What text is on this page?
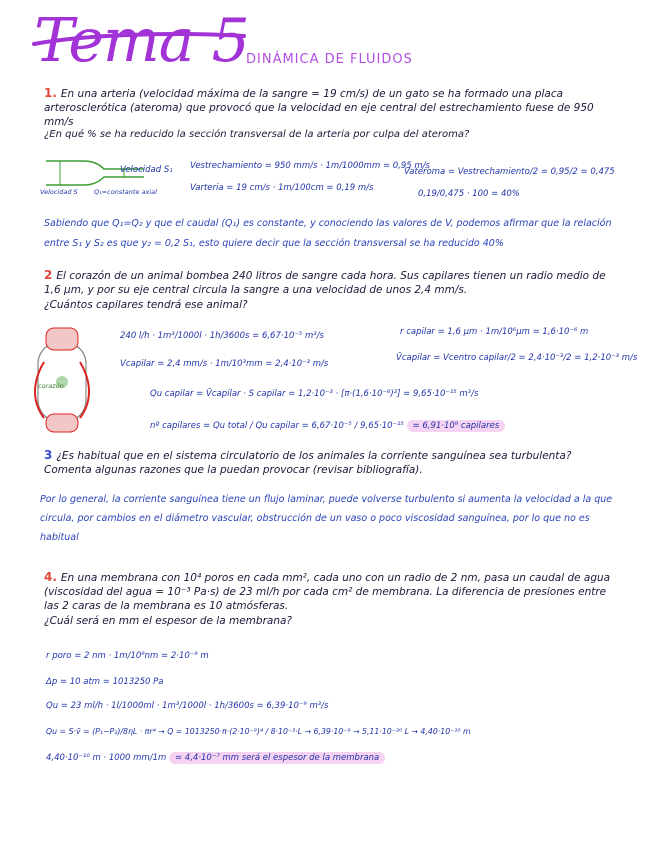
Tema 5
DINÁMICA DE FLUIDOS
1. En una arteria (velocidad máxima de la sangre = 19 cm/s) de un gato se ha formado una placa arterosclerótica (ateroma) que provocó que la velocidad en eje central del estrechamiento fuese de 950 mm/s
¿En qué % se ha reducido la sección transversal de la arteria por culpa del ateroma?
Velocidad S₁
Velocidad S	Q₁=constante axial
Vestrechamiento = 950 mm/s · 1m/1000mm = 0,95 m/s
Varteria = 19 cm/s · 1m/100cm = 0,19 m/s
Vateroma = Vestrechamiento/2 = 0,95/2 = 0,475
0,19/0,475 · 100 = 40%
Sabiendo que Q₁=Q₂ y que el caudal (Q₁) es constante, y conociendo las valores de V, podemos afirmar que la relación entre S₁ y S₂ es que y₂ = 0,2 S₁, esto quiere decir que la sección transversal se ha reducido 40%
2 El corazón de un animal bombea 240 litros de sangre cada hora. Sus capilares tienen un radio medio de 1,6 μm, y por su eje central circula la sangre a una velocidad de unos 2,4 mm/s.
¿Cuántos capilares tendrá ese animal?
corazón
240 l/h · 1m³/1000l · 1h/3600s = 6,67·10⁻⁵ m³/s
Vcapilar = 2,4 mm/s · 1m/10³mm = 2,4·10⁻³ m/s
r capilar = 1,6 μm · 1m/10⁶μm = 1,6·10⁻⁶ m
V̄capilar = Vcentro capilar/2 = 2,4·10⁻³/2 = 1,2·10⁻³ m/s
Qu capilar = V̄capilar · S capilar = 1,2·10⁻³ · [π·(1,6·10⁻⁶)²] = 9,65·10⁻¹⁵ m³/s
nº capilares = Qu total / Qu capilar = 6,67·10⁻⁵ / 9,65·10⁻¹⁵ = 6,91·10⁹ capilares
3 ¿Es habitual que en el sistema circulatorio de los animales la corriente sanguínea sea turbulenta? Comenta algunas razones que la puedan provocar (revisar bibliografía).
Por lo general, la corriente sanguínea tiene un flujo laminar, puede volverse turbulento si aumenta la velocidad a la que circula, por cambios en el diámetro vascular, obstrucción de un vaso o poco viscosidad sanguínea, por lo que no es habitual
4. En una membrana con 10⁴ poros en cada mm², cada uno con un radio de 2 nm, pasa un caudal de agua (viscosidad del agua = 10⁻³ Pa·s) de 23 ml/h por cada cm² de membrana. La diferencia de presiones entre las 2 caras de la membrana es 10 atmósferas.
¿Cuál será en mm el espesor de la membrana?
r poro = 2 nm · 1m/10⁹nm = 2·10⁻⁹ m
Δp = 10 atm = 1013250 Pa
Qu = 23 ml/h · 1l/1000ml · 1m³/1000l · 1h/3600s = 6,39·10⁻⁹ m³/s
Qu = S·v̄ = (P₁−P₂)/8ηL · πr⁴ → Q = 1013250·π·(2·10⁻⁹)⁴ / 8·10⁻³·L → 6,39·10⁻⁹ → 5,11·10⁻²⁰ L → 4,40·10⁻¹⁰ m
4,40·10⁻¹⁰ m · 1000 mm/1m = 4,4·10⁻⁷ mm será el espesor de la membrana
